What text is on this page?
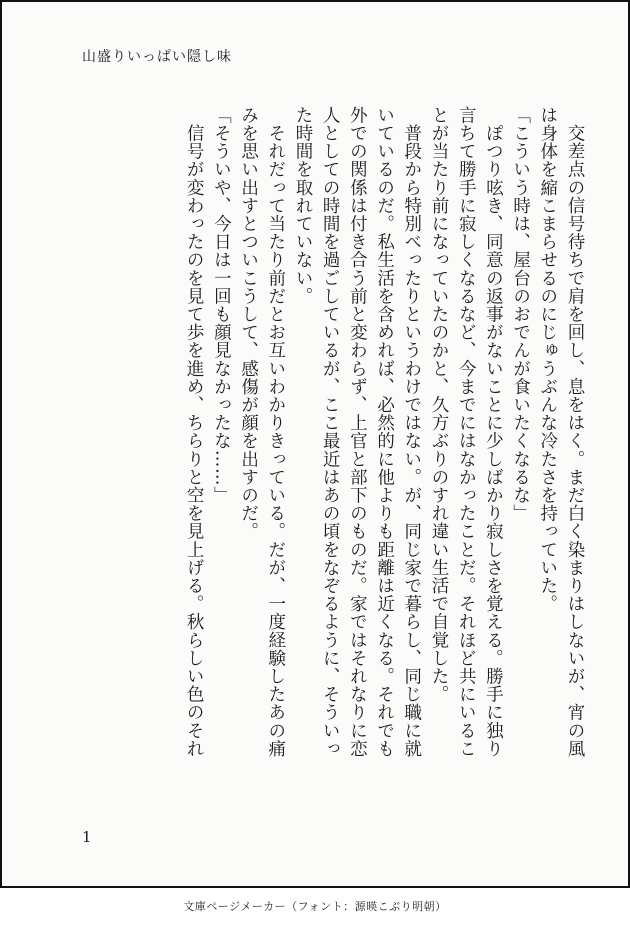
山盛りいっぱい隠し味
　交差点の信号待ちで肩を回し、息をはく。まだ白く染まりはしないが、宵の風
は身体を縮こまらせるのにじゅうぶんな冷たさを持っていた。
「こういう時は、屋台のおでんが食いたくなるな」
　ぽつり呟き、同意の返事がないことに少しばかり寂しさを覚える。勝手に独り
言ちて勝手に寂しくなるなど、今までにはなかったことだ。それほど共にいるこ
とが当たり前になっていたのかと、久方ぶりのすれ違い生活で自覚した。
　普段から特別べったりというわけではない。が、同じ家で暮らし、同じ職に就
いているのだ。私生活を含めれば、必然的に他よりも距離は近くなる。それでも
外での関係は付き合う前と変わらず、上官と部下のものだ。家ではそれなりに恋
人としての時間を過ごしているが、ここ最近はあの頃をなぞるように、そういっ
た時間を取れていない。
　それだって当たり前だとお互いわかりきっている。だが、一度経験したあの痛
みを思い出すとついこうして、感傷が顔を出すのだ。
「そういや、今日は一回も顔見なかったな……」
　信号が変わったのを見て歩を進め、ちらりと空を見上げる。秋らしい色のそれ
1
文庫ページメーカー（フォント：源暎こぶり明朝）
